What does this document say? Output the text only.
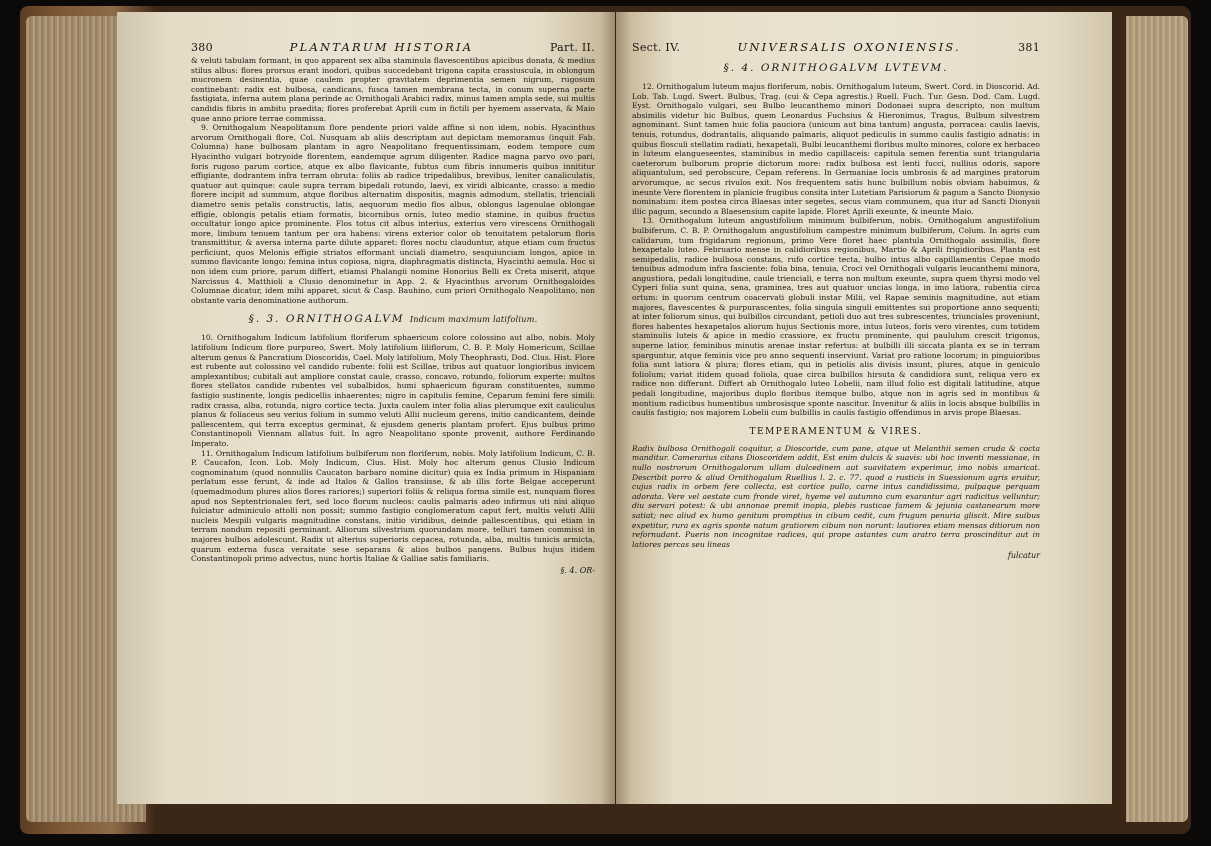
380	PLANTARUM HISTORIA	Part. II.

& veluti tabulam formant, in quo apparent sex alba staminula flavescentibus apicibus donata, & medius stilus albus: flores prorsus erant inodori, quibus succedebant trigona capita crassiuscula, in oblongum mucronem desinentia, quae caulem propter gravitatem deprimentia semen nigrum, rugosum continebant: radix est bulbosa, candicans, fusca tamen membrana tecta, in conum superna parte fastigiata, inferna autem plana perinde ac Ornithogali Arabici radix, minus tamen ampla sede, sui multis candidis fibris in ambitu praedita; flores proferebat Aprili cum in fictili per hyemem asservata, & Maio quae anno priore terrae commissa.

9. Ornithogalum Neapolitanum flore pendente priori valde affine si non idem, nobis. Hyacinthus arvorum Ornithogali flore, Col. Nusquam ab aliis descriptam aut depictam memoramus (inquit Fab. Columna) hane bulbosam plantam in agro Neapolitano frequentissimam, eodem tempore cum Hyacintho vulgari botryoide florentem, eandemque agrum diligenter. Radice magna parvo ovo pari, foris rugoso parum cortice, atque ex albo flavicante, fubtus cum fibris innumeris quibus innititur effigiante, dodrantem infra terram obruta: foliis ab radice tripedalibus, brevibus, leniter canaliculatis, quatuor aut quinque: caule supra terram bipedali rotundo, laevi, ex viridi albicante, crasso: a medio florere incipit ad summum, atque floribus alternatim dispositis, magnis admodum, stellatis, trienciali diametro senis petalis constructis, latis, aequorum medio flos albus, oblongus lagenulae oblongae effigie, oblongis petalis etiam formatis, bicornibus ornis, luteo medio stamine, in quibus fructus occultatur longo apice prominente. Flos totus cit albus interius, exterius vero virescens Ornithogali more, limbum tenuem tantum per ora habens: virens exterior color ob tenuitatem petalorum floris transmittitur, & aversa interna parte dilute apparet: flores noctu clauduntur, atque etiam cum fructus perficiunt, quos Melonis effigie striatos efformant unciali diametro, sesquiunciam longos, apice in summo flavicante longo: femina intus copiosa, nigra, diaphragmatis distincta, Hyacinthi aemula. Hoc si non idem cum priore, parum differt, etiamsi Phalangii nomine Honorius Belli ex Creta miserit, atque Narcissus 4. Matthioli a Clusio denominetur in App. 2. & Hyacinthus arvorum Ornithogaloides Columnae dicatur, idem mihi apparet, sicut & Casp. Bauhino, cum priori Ornithogalo Neapolitano, non obstante varia denominatione authorum.

§. 3. ORNITHOGALVM Indicum maximum latifolium.

10. Ornithogalum Indicum latifolium floriferum sphaericum colore colossino aut albo, nobis. Moly latifolium Indicum flore purpureo, Swert. Moly latifolium liliflorum, C. B. P. Moly Homericum, Scillae alterum genus & Pancratium Dioscoridis, Cael. Moly latifolium, Moly Theophrasti, Dod. Clus. Hist. Flore est rubente aut colossino vel candido rubente: folii est Scillae, tribus aut quatuor longioribus invicem amplexantibus; cubitali aut ampliore constat caule, crasso, concavo, rotundo, foliorum experte: multos flores stellatos candide rubentes vel subalbidos, humi sphaericum figuram constituentes, summo fastigio sustinente, longis pedicellis inhaerentes; nigro in capitulis femine, Ceparum femini fere simili: radix crassa, alba, rotunda, nigro cortice tecta. Juxta caulem inter folia alias plerumque exit cauliculus planus & foliaceus seu verius folium in summo veluti Allii nucleum gerens, initio candicantem, deinde pallescentem, qui terra exceptus germinat, & ejusdem generis plantam profert. Ejus bulbus primo Constantinopoli Viennam allatus fuit. In agro Neapolitano sponte provenit, authore Ferdinando Imperato.

11. Ornithogalum Indicum latifolium bulbiferum non floriferum, nobis. Moly latifolium Indicum, C. B. P. Caucafon, Icon. Lob. Moly Indicum, Clus. Hist. Moly hoc alterum genus Clusio Indicum cognominatum (quod nonnullis Caucaton barbaro nomine dicitur) quia ex India primum in Hispaniam perlatum esse ferunt, & inde ad Italos & Gallos transiisse, & ab illis forte Belgae acceperunt (quemadmodum plures alios flores rariores;) superiori foliis & reliqua forma simile est, nunquam flores apud nos Septentrionales fert, sed loco florum nucleos: caulis palmaris adeo infirmus uti nisi aliquo fulciatur adminiculo attolli non possit; summo fastigio conglomeratum caput fert, multis veluti Allii nucleis Mespili vulgaris magnitudine constans, initio viridibus, deinde pallescentibus, qui etiam in terram nondum repositi germinant. Alliorum silvestrium quorundam more, telluri tamen commissi in majores bulbos adolescunt. Radix ut alterius superioris cepacea, rotunda, alba, multis tunicis armicta, quarum externa fusca veraitate sese separans & alios bulbos pangens. Bulbus hujus itidem Constantinopoli primo advectus, nunc hortis Italiae & Galliae satis familiaris.

§. 4. OR-
Sect. IV.	UNIVERSALIS OXONIENSIS.	381
§. 4. ORNITHOGALVM LVTEVM.

12. Ornithogalum luteum majus floriferum, nobis. Ornithogalum luteum, Swert. Cord. in Dioscorid. Ad. Lob. Tab. Lugd. Swert. Bulbus, Trag. (cui & Cepa agrestis.) Ruell. Fuch. Tur. Gesn. Dod. Cam. Lugd. Eyst. Ornithogalo vulgari, seu Bulbo leucanthemo minori Dodonaei supra descripto, non multum absimilis videtur hic Bulbus, quem Leonardus Fuchsius & Hieronimus, Tragus, Bulbum silvestrem agnominant. Sunt tamen huic folia pauciora (unicum aut bina tantum) angusta, porracea: caulis laevis, tenuis, rotundus, dodrantalis, aliquando palmaris, aliquot pediculis in summo caulis fastigio adnatis: in quibus flosculi stellatim radiati, hexapetali, Bulbi leucanthemi floribus multo minores, colore ex herbaceo in luteum elangueseentes, staminibus in medio capillaceis: capitula semen ferentia sunt triangularia caeterorum bulborum proprie dictorum more: radix bulbosa est lenti fucci, nullius odoris, sapore aliquantulum, sed perobscure, Cepam referens. In Germaniae locis umbrosis & ad margines pratorum arvorumque, ac secus rivulos exit. Nos frequentem satis hunc bulbillum nobis obviam habuimus, & ineunte Vere florentem in planicie frugibus consita inter Lutetiam Parisiorum & pagum a Sancto Dionysio nominatum: item postea circa Blaesas inter segetes, secus viam communem, qua itur ad Sancti Dionysii illic pagum, secundo a Blaesensium capite lapide. Floret Aprili exeunte, & ineunte Maio.

13. Ornithogalum luteum angustifolium minimum bulbiferum, nobis. Ornithogalum angustifolium bulbiferum, C. B. P. Ornithogalum angustifolium campestre minimum bulbiferum, Colum. In agris cum calidarum, tum frigidarum regionum, primo Vere floret haec plantula Ornithogalo assimilis, flore hexapetalo luteo. Februario mense in calidioribus regionibus, Martio & Aprili frigidioribus. Planta est semipedalis, radice bulbosa constans, rufo cortice tecta, bulbo intus albo capillamentis Cepae modo tenuibus admodum infra fasciente: folia bina, tenuia, Croci vel Ornithogali vulgaris leucanthemi minora, angustiora, pedali longitudine, caule trienciali, e terra non multum exeunte, supra quem thyrsi modo vel Cyperi folia sunt quina, sena, graminea, tres aut quatuor uncias longa, in imo latiora, rubentia circa ortum: in quorum centrum coacervati globuli instar Milii, vel Rapae seminis magnitudine, aut etiam majores, flavescentes & purpurascentes, folia singula singuli emittentes sui proportione anno sequenti; at inter foliorum sinus, qui bulbillos circundant, petioli duo aut tres subrescentes, triunciales proveniunt, flores habentes hexapetalos aliorum hujus Sectionis more, intus luteos, foris vero virentes, cum totidem staminulis luteis & apice in medio crassiore, ex fructu prominente, qui paululum crescit trigonus, superne latior, feminibus minutis arenae instar refertus: at bulbilli illi siccata planta ex se in terram sparguntur, atque feminis vice pro anno sequenti inserviunt. Variat pro ratione locorum; in pinguioribus folia sunt latiora & plura; flores etiam, qui in petiolis alis divisis insunt, plures, atque in geniculo foliolum; variat itidem quoad foliola, quae circa bulbillos hirsuta & candidiora sunt, reliqua vero ex radice non differunt. Differt ab Ornithogalo luteo Lobelii, nam illud folio est digitali latitudine, atque pedali longitudine, majoribus duplo floribus itemque bulbo, atque non in agris sed in montibus & montium radicibus humentibus umbrosisque sponte nascitur. Invenitur & aliis in locis absque bulbillis in caulis fastigio; nos majorem Lobelii cum bulbillis in caulis fastigio offendimus in arvis prope Blaesas.

TEMPERAMENTUM & VIRES.

Radix bulbosa Ornithogali coquitur, a Dioscoride, cum pane, atque ut Melanthii semen cruda & cocta manditur. Camerarius citans Dioscoridem addit, Est enim dulcis & suavis: ubi hoc inventi messianae, in nullo nostrorum Ornithogalorum ullam dulcedinem aut suavitatem experimur, imo nobis amaricat. Describit porro & aliud Ornithogalum Ruellius l. 2. c. 77. quod a rusticis in Suessionum agris eruitur, cujus radix in orbem fere collecta, est cortice pullo, carne intus candidissima, pulpaque perquam adorata. Vere vel aestate cum fronde viret, hyeme vel autumno cum exarantur agri radicitus velluntur; diu servari potest: & ubi annonae premit inopia, plebis rusticae famem & jejunia castanearum more satiat; nec aliud ex humo genitum promptius in cibum cedit, cum frugum penuria gliscit. Mire suibus expetitur, rura ex agris sponte natum gratiorem cibum non norunt: lautiores etiam mensas ditiorum non refornudant. Pueris non incognitae radices, qui prope astantes cum aratro terra proscinditur aut in latiores percas seu lineas

fulcatur
